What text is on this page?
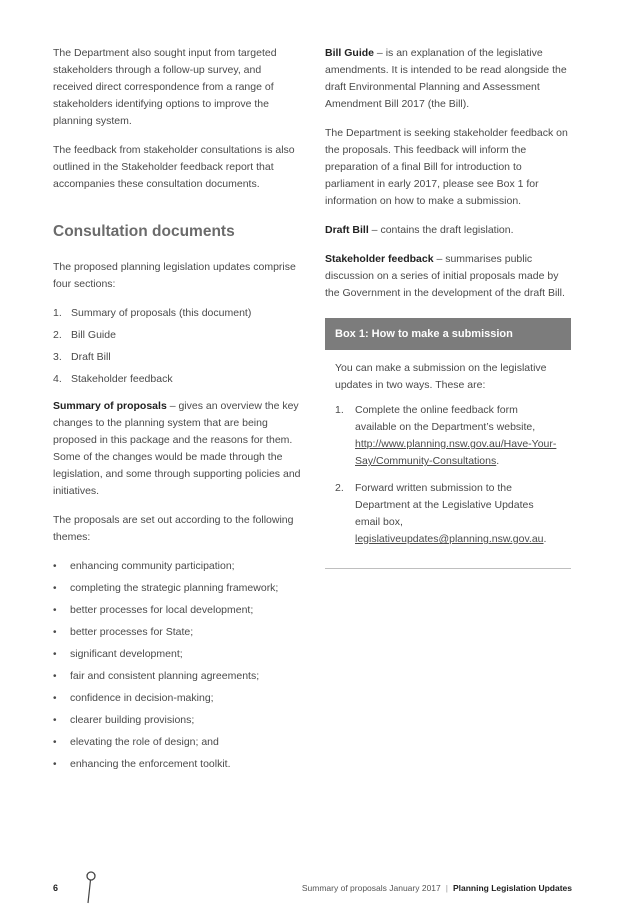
The Department also sought input from targeted stakeholders through a follow-up survey, and received direct correspondence from a range of stakeholders identifying options to improve the planning system.

The feedback from stakeholder consultations is also outlined in the Stakeholder feedback report that accompanies these consultation documents.

Consultation documents

The proposed planning legislation updates comprise four sections:

1. Summary of proposals (this document)
2. Bill Guide
3. Draft Bill
4. Stakeholder feedback

Summary of proposals – gives an overview the key changes to the planning system that are being proposed in this package and the reasons for them. Some of the changes would be made through the legislation, and some through supporting policies and initiatives.

The proposals are set out according to the following themes:

•	enhancing community participation;
•	completing the strategic planning framework;
•	better processes for local development;
•	better processes for State;
•	significant development;
•	fair and consistent planning agreements;
•	confidence in decision-making;
•	clearer building provisions;
•	elevating the role of design; and
•	enhancing the enforcement toolkit.

Bill Guide – is an explanation of the legislative amendments. It is intended to be read alongside the draft Environmental Planning and Assessment Amendment Bill 2017 (the Bill).

The Department is seeking stakeholder feedback on the proposals. This feedback will inform the preparation of a final Bill for introduction to parliament in early 2017, please see Box 1 for information on how to make a submission.

Draft Bill – contains the draft legislation.

Stakeholder feedback – summarises public discussion on a series of initial proposals made by the Government in the development of the draft Bill.

Box 1: How to make a submission

You can make a submission on the legislative updates in two ways. These are:

1.	Complete the online feedback form available on the Department’s website, http://www.planning.nsw.gov.au/Have-Your-Say/Community-Consultations.
2.	Forward written submission to the Department at the Legislative Updates email box, legislativeupdates@planning.nsw.gov.au.
6	Summary of proposals January 2017 | Planning Legislation Updates
